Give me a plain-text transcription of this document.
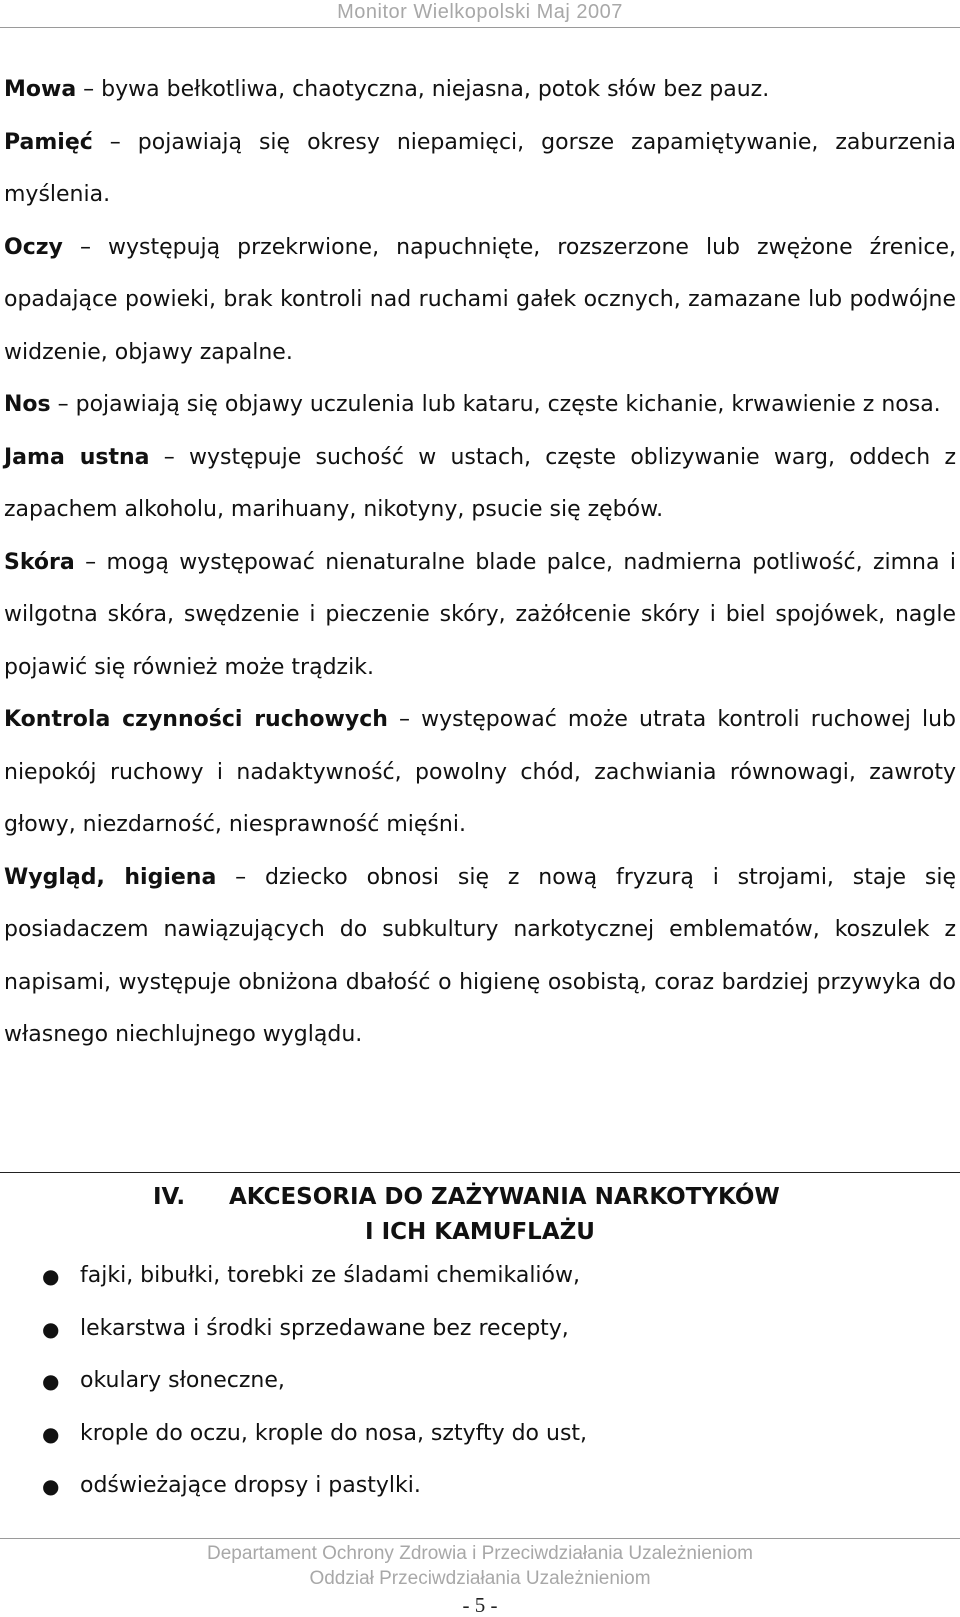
Monitor Wielkopolski Maj 2007

Mowa – bywa bełkotliwa, chaotyczna, niejasna, potok słów bez pauz.

Pamięć – pojawiają się okresy niepamięci, gorsze zapamiętywanie, zaburzenia myślenia.

Oczy – występują przekrwione, napuchnięte, rozszerzone lub zwężone źrenice, opadające powieki, brak kontroli nad ruchami gałek ocznych, zamazane lub podwójne widzenie, objawy zapalne.

Nos – pojawiają się objawy uczulenia lub kataru, częste kichanie, krwawienie z nosa.

Jama ustna – występuje suchość w ustach, częste oblizywanie warg, oddech z zapachem alkoholu, marihuany, nikotyny, psucie się zębów.

Skóra – mogą występować nienaturalne blade palce, nadmierna potliwość, zimna i wilgotna skóra, swędzenie i pieczenie skóry, zażółcenie skóry i biel spojówek, nagle pojawić się również może trądzik.

Kontrola czynności ruchowych – występować może utrata kontroli ruchowej lub niepokój ruchowy i nadaktywność, powolny chód, zachwiania równowagi, zawroty głowy, niezdarność, niesprawność mięśni.

Wygląd, higiena – dziecko obnosi się z nową fryzurą i strojami, staje się posiadaczem nawiązujących do subkultury narkotycznej emblematów, koszulek z napisami, występuje obniżona dbałość o higienę osobistą, coraz bardziej przywyka do własnego niechlujnego wyglądu.

IV. AKCESORIA DO ZAŻYWANIA NARKOTYKÓW
I ICH KAMUFLAŻU
● fajki, bibułki, torebki ze śladami chemikaliów,
● lekarstwa i środki sprzedawane bez recepty,
● okulary słoneczne,
● krople do oczu, krople do nosa, sztyfty do ust,
● odświeżające dropsy i pastylki.
Departament Ochrony Zdrowia i Przeciwdziałania Uzależnieniom
Oddział Przeciwdziałania Uzależnieniom
- 5 -
